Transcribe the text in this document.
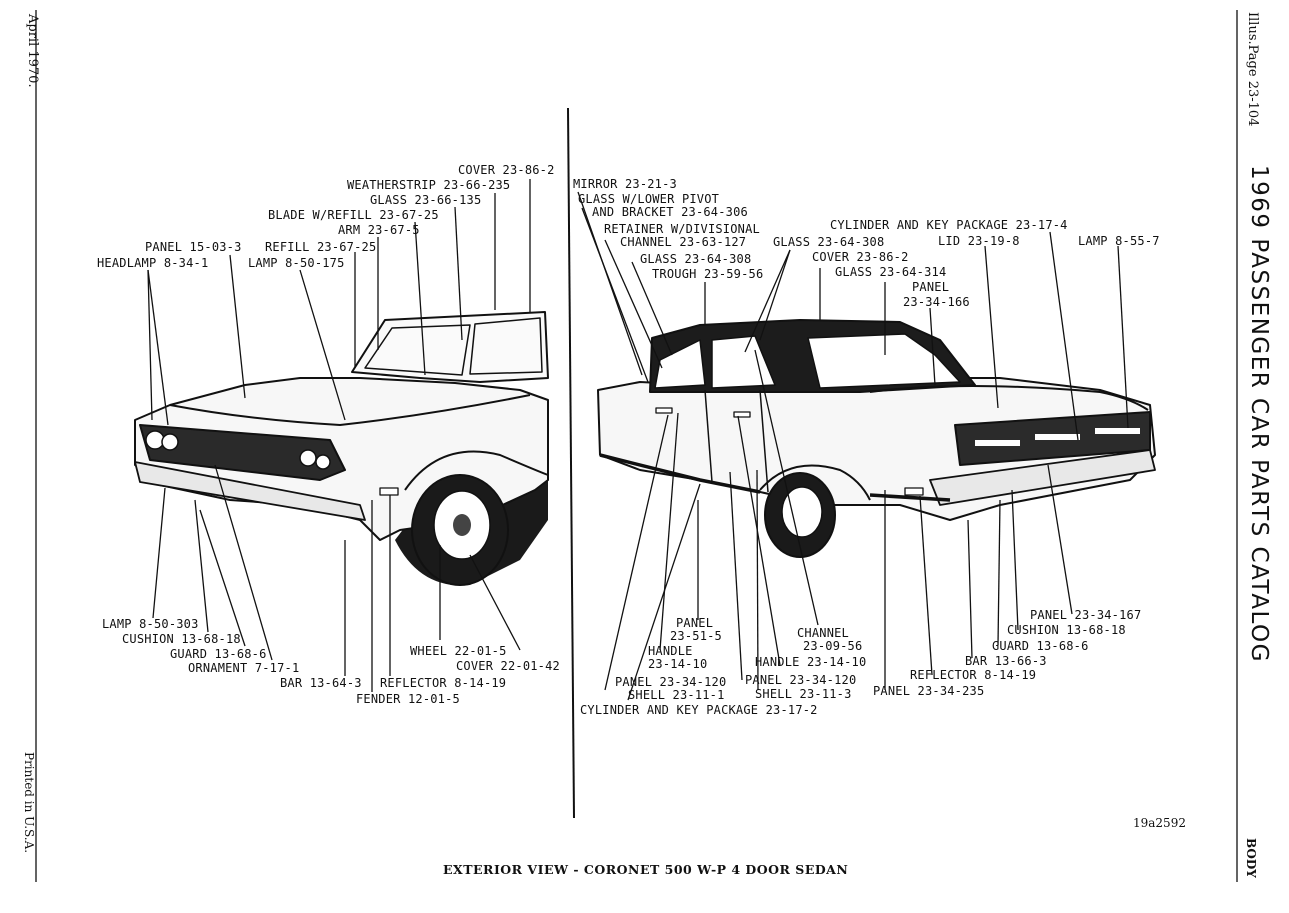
April 1970.
Printed in U.S.A.
Illus.Page 23-104
1969 PASSENGER CAR PARTS CATALOG
BODY
COVER 23-86-2
WEATHERSTRIP 23-66-235
GLASS 23-66-135
BLADE W/REFILL 23-67-25
ARM 23-67-5
PANEL 15-03-3 REFILL 23-67-25
HEADLAMP 8-34-1	LAMP 8-50-175
LAMP 8-50-303
CUSHION 13-68-18
GUARD 13-68-6
ORNAMENT 7-17-1
BAR 13-64-3
FENDER 12-01-5
WHEEL 22-01-5
COVER 22-01-42
REFLECTOR 8-14-19
MIRROR 23-21-3
GLASS W/LOWER PIVOT
AND BRACKET 23-64-306
RETAINER W/DIVISIONAL
CHANNEL 23-63-127
GLASS 23-64-308
TROUGH 23-59-56
GLASS 23-64-308
COVER 23-86-2
GLASS 23-64-314
CYLINDER AND KEY PACKAGE 23-17-4
LID 23-19-8	LAMP 8-55-7
PANEL
23-34-166
PANEL
23-51-5
HANDLE
23-14-10
PANEL 23-34-120
SHELL 23-11-1
CYLINDER AND KEY PACKAGE 23-17-2
CHANNEL
23-09-56
HANDLE 23-14-10
PANEL 23-34-120
SHELL 23-11-3 PANEL 23-34-235
REFLECTOR 8-14-19
BAR 13-66-3
GUARD 13-68-6
CUSHION 13-68-18
PANEL 23-34-167
19a2592
EXTERIOR VIEW - CORONET 500 W-P 4 DOOR SEDAN
